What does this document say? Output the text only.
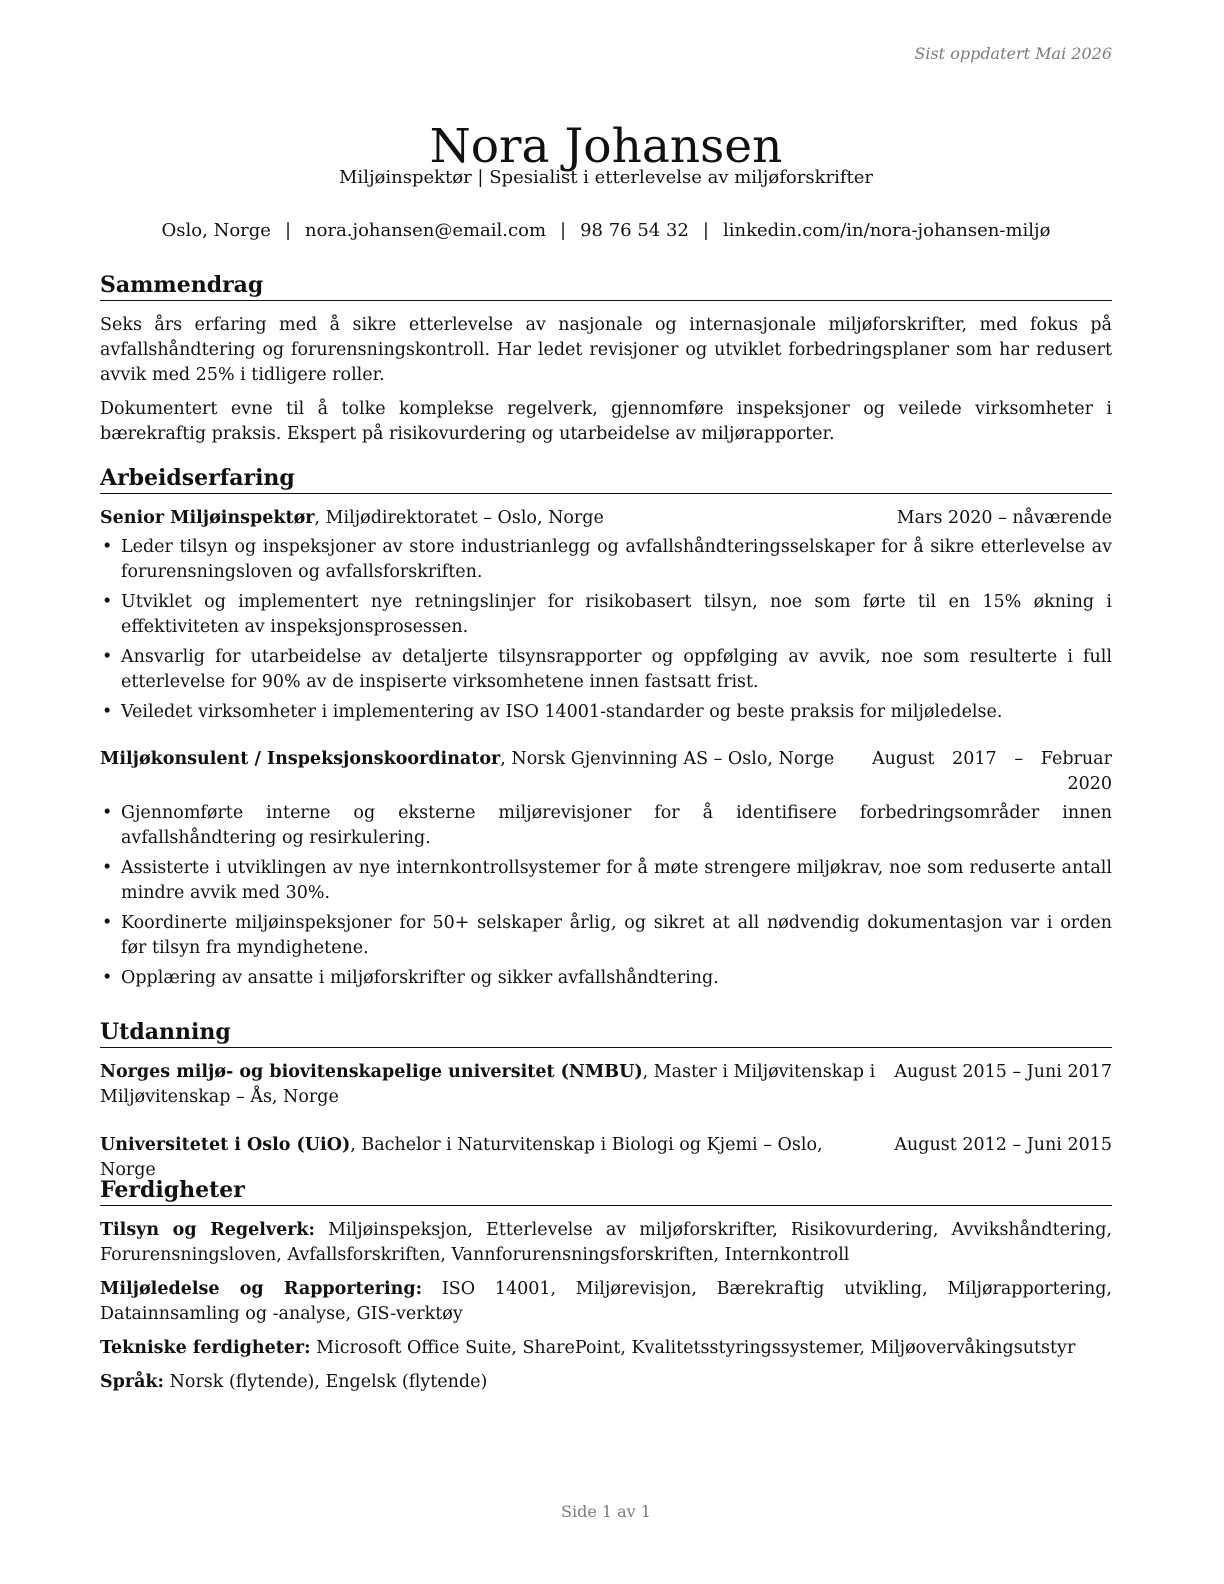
Sist oppdatert Mai 2026
Nora Johansen
Miljøinspektør | Spesialist i etterlevelse av miljøforskrifter
Oslo, Norge | nora.johansen@email.com | 98 76 54 32 | linkedin.com/in/nora-johansen-miljø
Sammendrag

Seks års erfaring med å sikre etterlevelse av nasjonale og internasjonale miljøforskrifter, med fokus på avfallshåndtering og forurensningskontroll. Har ledet revisjoner og utviklet forbedringsplaner som har redusert avvik med 25% i tidligere roller.

Dokumentert evne til å tolke komplekse regelverk, gjennomføre inspeksjoner og veilede virksomheter i bærekraftig praksis. Ekspert på risikovurdering og utarbeidelse av miljørapporter.

Arbeidserfaring
Senior Miljøinspektør, Miljødirektoratet – Oslo, Norge	Mars 2020 – nåværende
• Leder tilsyn og inspeksjoner av store industrianlegg og avfallshåndteringsselskaper for å sikre etterlevelse av forurensningsloven og avfallsforskriften.
• Utviklet og implementert nye retningslinjer for risikobasert tilsyn, noe som førte til en 15% økning i effektiviteten av inspeksjonsprosessen.
• Ansvarlig for utarbeidelse av detaljerte tilsynsrapporter og oppfølging av avvik, noe som resulterte i full etterlevelse for 90% av de inspiserte virksomhetene innen fastsatt frist.
• Veiledet virksomheter i implementering av ISO 14001-standarder og beste praksis for miljøledelse.
Miljøkonsulent / Inspeksjonskoordinator, Norsk Gjenvinning AS – Oslo, Norge	August 2017 – Februar 2020
• Gjennomførte interne og eksterne miljørevisjoner for å identifisere forbedringsområder innen avfallshåndtering og resirkulering.
• Assisterte i utviklingen av nye internkontrollsystemer for å møte strengere miljøkrav, noe som reduserte antall mindre avvik med 30%.
• Koordinerte miljøinspeksjoner for 50+ selskaper årlig, og sikret at all nødvendig dokumentasjon var i orden før tilsyn fra myndighetene.
• Opplæring av ansatte i miljøforskrifter og sikker avfallshåndtering.
Utdanning
Norges miljø- og biovitenskapelige universitet (NMBU), Master i Miljøvitenskap i Miljøvitenskap – Ås, Norge
August 2015 – Juni 2017
Universitetet i Oslo (UiO), Bachelor i Naturvitenskap i Biologi og Kjemi – Oslo, Norge
August 2012 – Juni 2015
Ferdigheter

Tilsyn og Regelverk: Miljøinspeksjon, Etterlevelse av miljøforskrifter, Risikovurdering, Avvikshåndtering, Forurensningsloven, Avfallsforskriften, Vannforurensningsforskriften, Internkontroll

Miljøledelse og Rapportering: ISO 14001, Miljørevisjon, Bærekraftig utvikling, Miljørapportering, Datainnsamling og -analyse, GIS-verktøy

Tekniske ferdigheter: Microsoft Office Suite, SharePoint, Kvalitetsstyringssystemer, Miljøovervåkingsutstyr

Språk: Norsk (flytende), Engelsk (flytende)

Side 1 av 1
